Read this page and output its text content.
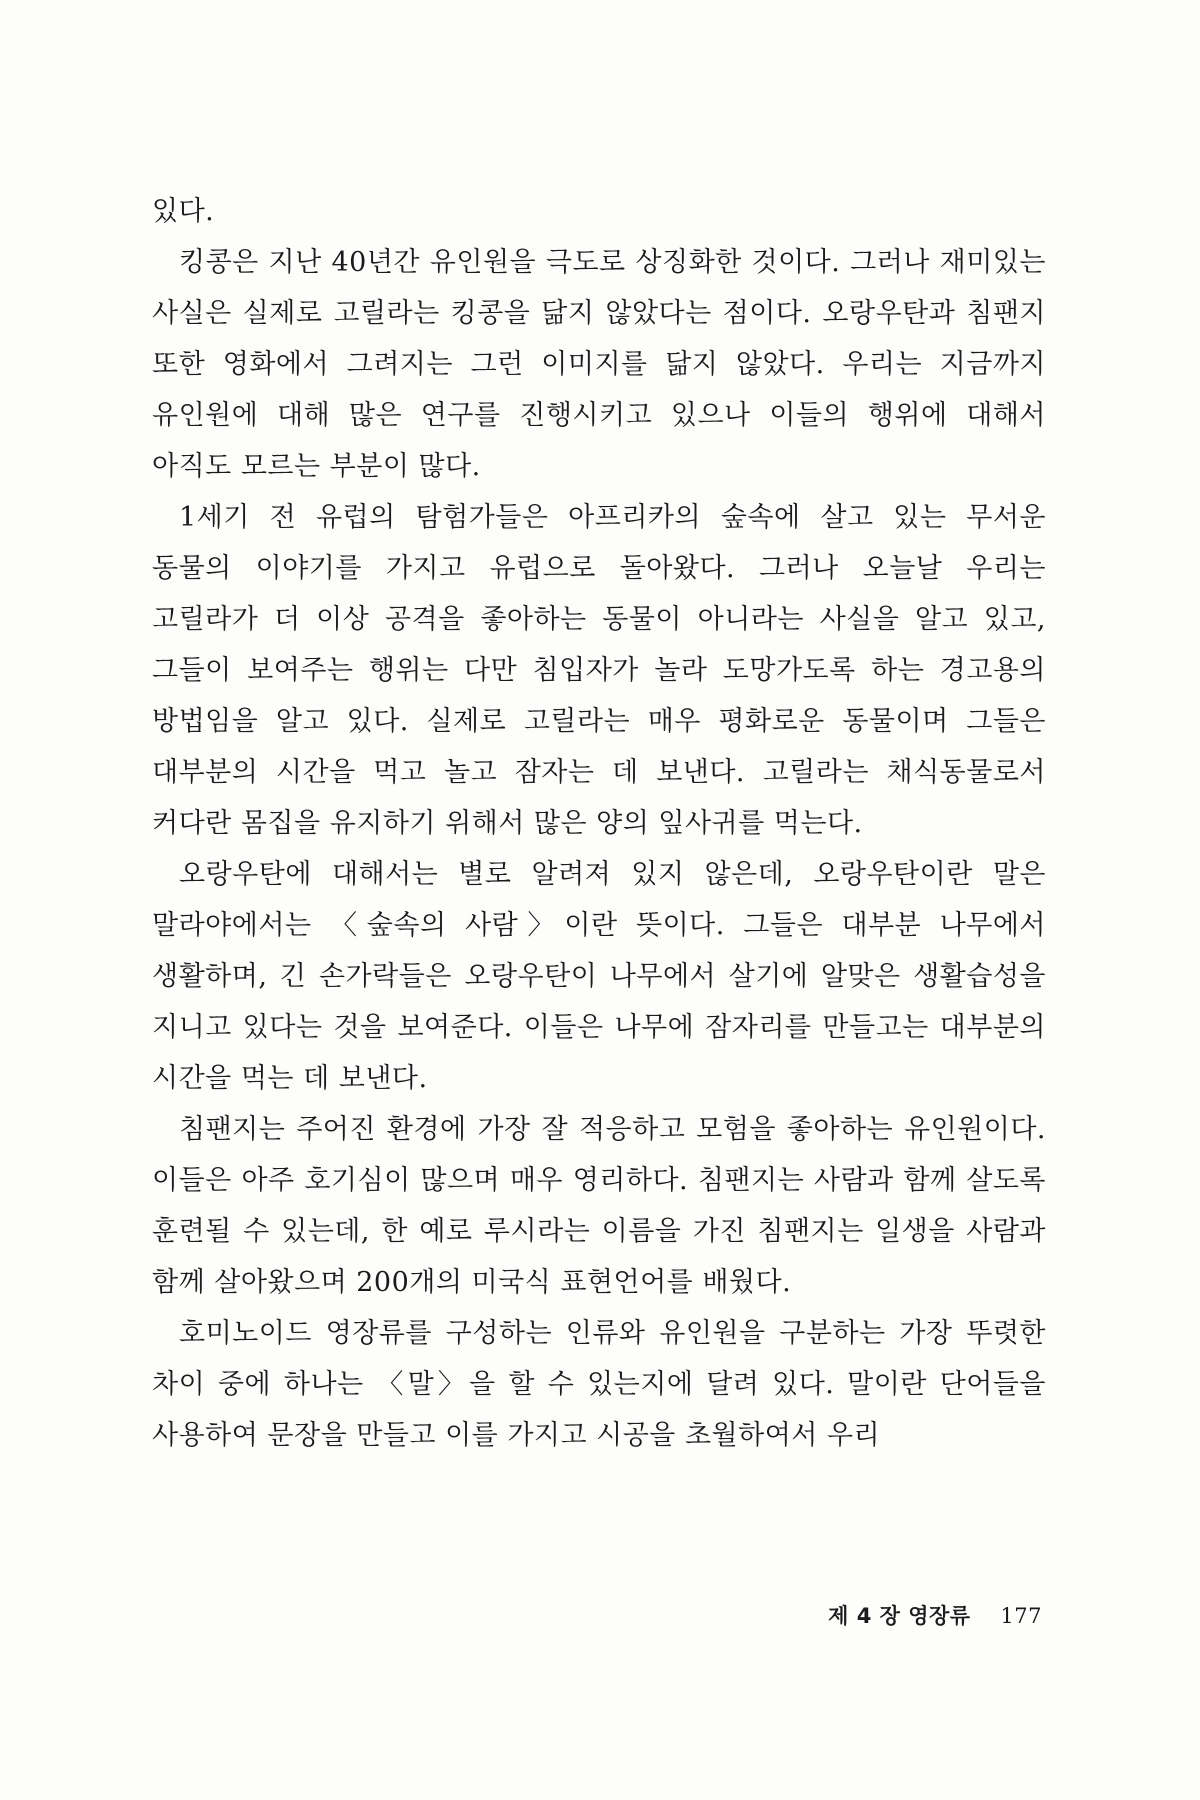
있다.

킹콩은 지난 40년간 유인원을 극도로 상징화한 것이다. 그러나 재미있는 사실은 실제로 고릴라는 킹콩을 닮지 않았다는 점이다. 오랑우탄과 침팬지 또한 영화에서 그려지는 그런 이미지를 닮지 않았다. 우리는 지금까지 유인원에 대해 많은 연구를 진행시키고 있으나 이들의 행위에 대해서 아직도 모르는 부분이 많다.

1세기 전 유럽의 탐험가들은 아프리카의 숲속에 살고 있는 무서운 동물의 이야기를 가지고 유럽으로 돌아왔다. 그러나 오늘날 우리는 고릴라가 더 이상 공격을 좋아하는 동물이 아니라는 사실을 알고 있고, 그들이 보여주는 행위는 다만 침입자가 놀라 도망가도록 하는 경고용의 방법임을 알고 있다. 실제로 고릴라는 매우 평화로운 동물이며 그들은 대부분의 시간을 먹고 놀고 잠자는 데 보낸다. 고릴라는 채식동물로서 커다란 몸집을 유지하기 위해서 많은 양의 잎사귀를 먹는다.

오랑우탄에 대해서는 별로 알려져 있지 않은데, 오랑우탄이란 말은 말라야에서는 〈숲속의 사람〉이란 뜻이다. 그들은 대부분 나무에서 생활하며, 긴 손가락들은 오랑우탄이 나무에서 살기에 알맞은 생활습성을 지니고 있다는 것을 보여준다. 이들은 나무에 잠자리를 만들고는 대부분의 시간을 먹는 데 보낸다.

침팬지는 주어진 환경에 가장 잘 적응하고 모험을 좋아하는 유인원이다. 이들은 아주 호기심이 많으며 매우 영리하다. 침팬지는 사람과 함께 살도록 훈련될 수 있는데, 한 예로 루시라는 이름을 가진 침팬지는 일생을 사람과 함께 살아왔으며 200개의 미국식 표현언어를 배웠다.

호미노이드 영장류를 구성하는 인류와 유인원을 구분하는 가장 뚜렷한 차이 중에 하나는 〈말〉을 할 수 있는지에 달려 있다. 말이란 단어들을 사용하여 문장을 만들고 이를 가지고 시공을 초월하여서 우리

제 4 장 영장류 177
